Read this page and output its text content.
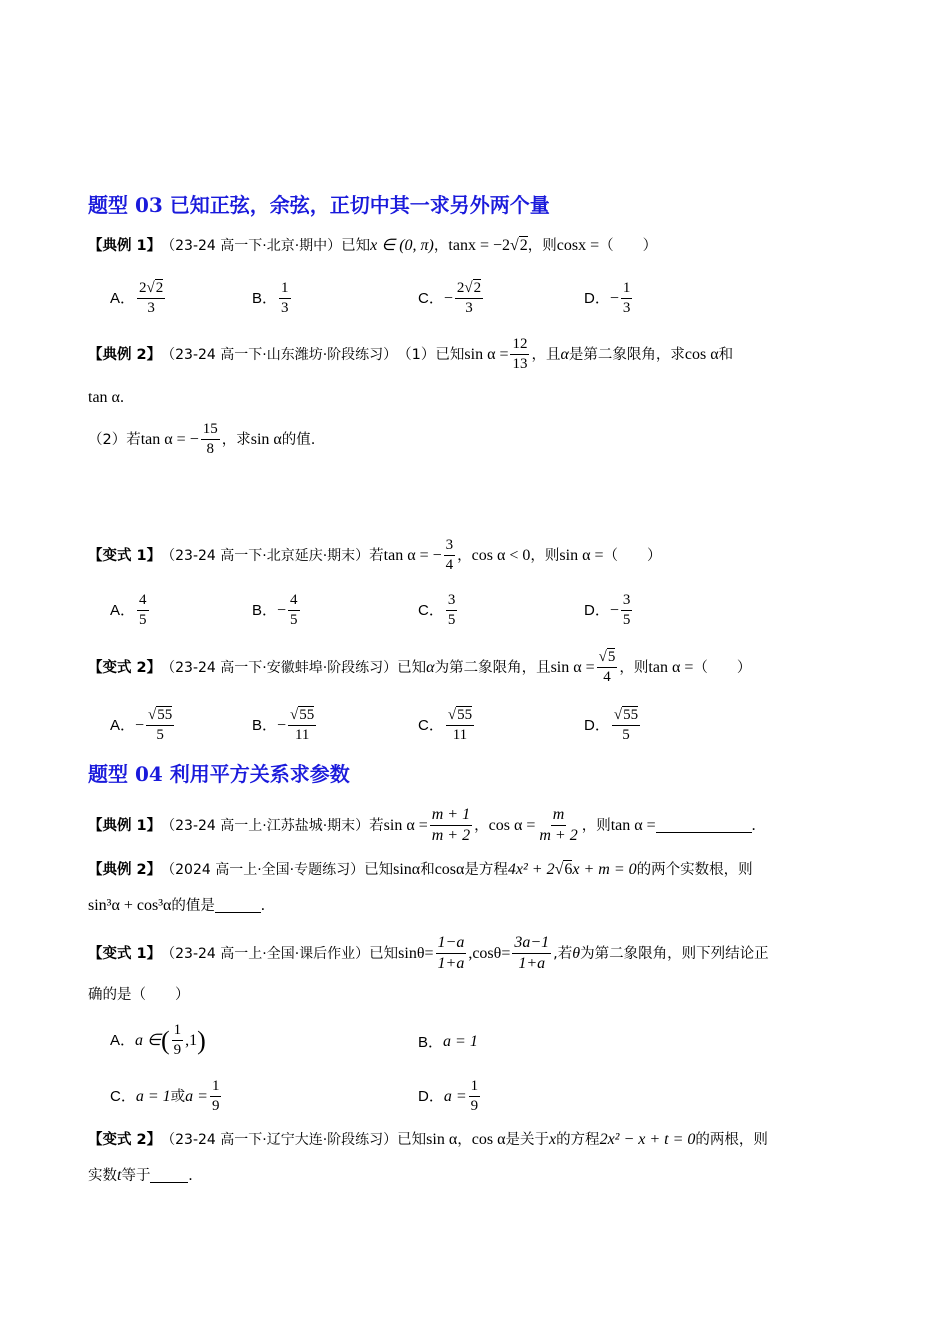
题型 03 已知正弦，余弦，正切中其一求另外两个量
【典例 1】 （23-24 高一下·北京·期中） 已知 x ∈ (0, π) ， tanx = −2 √2 ，则 cosx = （　　）
A． $\frac{2√2}{3}$	B． $\frac{1}{3}$	C． − $\frac{2√2}{3}$	D． − $\frac{1}{3}$
【典例 2】 （23-24 高一下·山东潍坊·阶段练习） （1）已知 $\sin \alpha = \frac{12}{13}$ ，且 α 是第二象限角，求 cos α 和
tan α .
（2）若 tan α = − $\frac{15}{8}$ ，求 sin α 的值.
【变式 1】 （23-24 高一下·北京延庆·期末） 若 tan α = − $\frac{3}{4}$ ， cos α < 0 ，则 sin α = （　　）
A． $\frac{4}{5}$	B． − $\frac{4}{5}$	C． $\frac{3}{5}$	D． − $\frac{3}{5}$
【变式 2】 （23-24 高一下·安徽蚌埠·阶段练习） 已知 α 为第二象限角，且 $\sin \alpha = \frac{√5}{4}$ ，则 tan α = （　　）
A． − $\frac{√55}{5}$	B． − $\frac{√55}{11}$	C． $\frac{√55}{11}$	D． $\frac{√55}{5}$
题型 04 利用平方关系求参数
【典例 1】 （23-24 高一上·江苏盐城·期末） 若 $\sin \alpha = \frac{m + 1}{m + 2}$ ， $\cos \alpha = \frac{m}{m + 2}$ ，则 tan α =	.
【典例 2】 （2024 高一上·全国·专题练习） 已知 sinα 和 cosα 是方程 4x² + 2 √6 x + m = 0 的两个实数根，则
sin³α + cos³α 的值是	.
【变式 1】 （23-24 高一上·全国·课后作业） 已知 $\sin\theta= \frac{1-a}{1+a}$ , $\cos\theta= \frac{3a-1}{1+a}$ ,若 θ 为第二象限角，则下列结论正
确的是（　　）
A． a ∈ ( $\frac{1}{9} ,1$ )	B． a = 1
C． a = 1 或 $a = \frac{1}{9}$	D． $a = \frac{1}{9}$
【变式 2】 （23-24 高一下·辽宁大连·阶段练习） 已知 sin α ， cos α 是关于 x 的方程 2x² − x + t = 0 的两根，则
实数 t 等于 .
